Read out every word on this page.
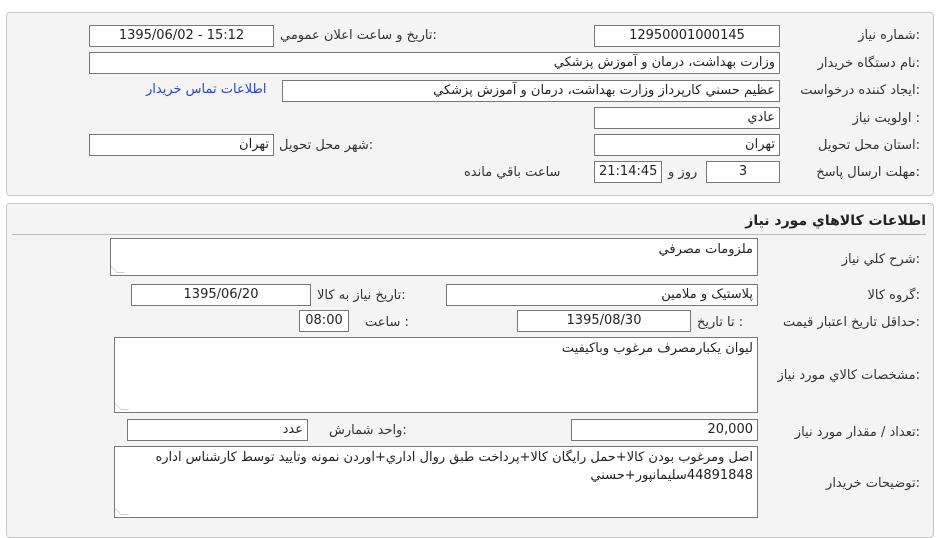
شماره نياز:
12950001000145
تاريخ و ساعت اعلان عمومي:
1395/06/02 - 15:12
نام دستگاه خريدار:
وزارت بهداشت، درمان و آموزش پزشكي
ايجاد كننده درخواست:
عظيم حسني كارپرداز وزارت بهداشت، درمان و آموزش پزشكي
اطلاعات تماس خريدار
اولويت نياز :
عادي
استان محل تحويل:
تهران
شهر محل تحويل:
تهران
مهلت ارسال پاسخ:
3
روز و
21:14:45
ساعت باقي مانده
اطلاعات كالاهاي مورد نياز
شرح كلي نياز:
ملزومات مصرفي
گروه كالا:
پلاستيک و ملامين
تاريخ نياز به كالا:
1395/06/20
حداقل تاريخ اعتبار قيمت:
تا تاريخ :
1395/08/30
ساعت :
08:00
مشخصات كالاي مورد نياز:
ليوان يكبارمصرف مرغوب وباكيفيت
تعداد / مقدار مورد نياز:
20,000
واحد شمارش:
عدد
توضيحات خريدار:
اصل ومرغوب بودن كالا+حمل رايگان كالا+پرداخت طبق روال اداري+اوردن نمونه وتاييد توسط كارشناس اداره 44891848سليمانپور+حسني
